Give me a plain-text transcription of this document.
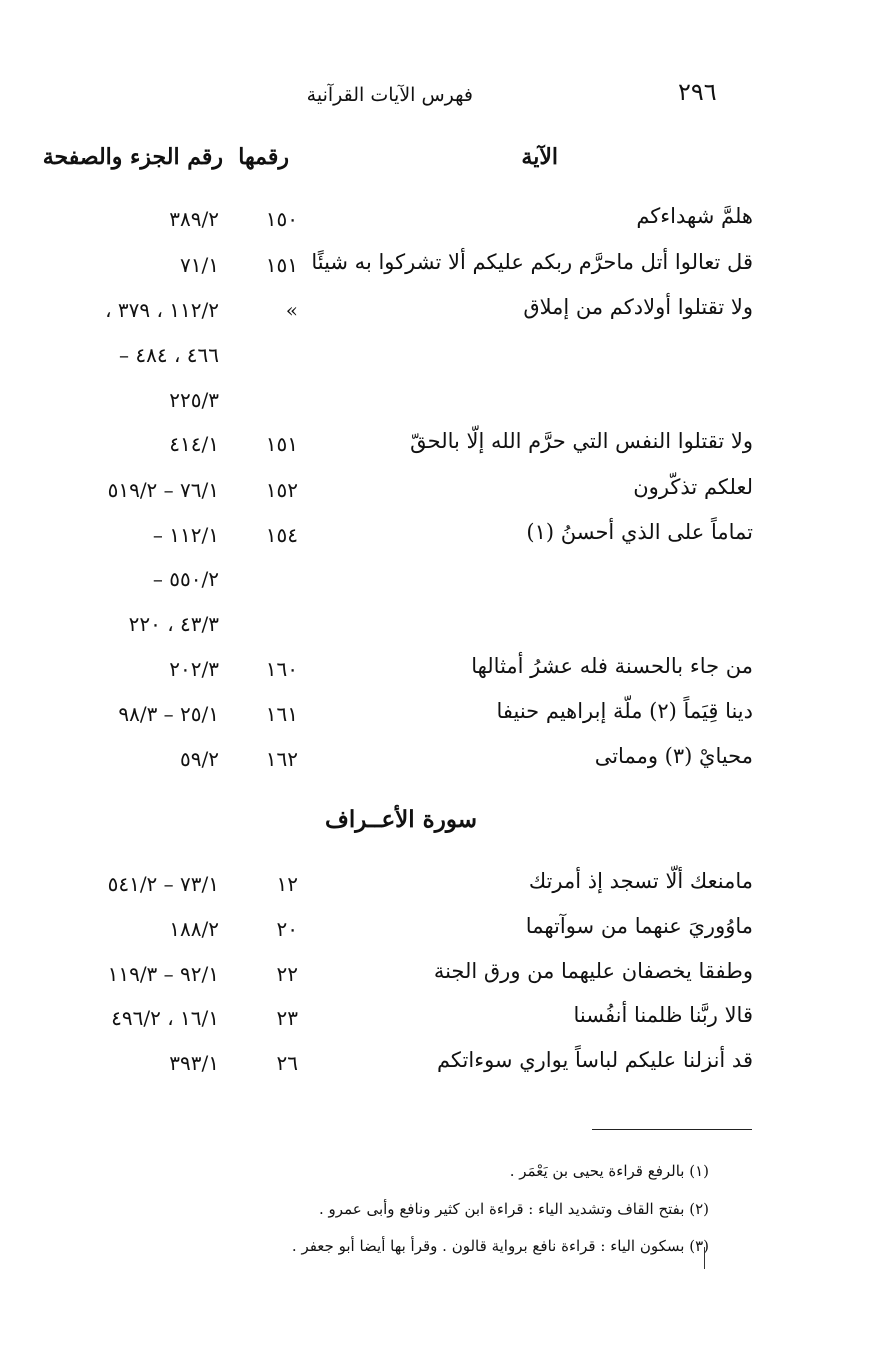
٢٩٦
فهرس الآيات القرآنية
الآية
رقمها
رقم الجزء والصفحة
هلمَّ شهداءكم
١٥٠
٣٨٩/٢
قل تعالوا أتل ماحرَّم ربكم عليكم ألا تشركوا به شيئًا
١٥١
٧١/١
ولا تقتلوا أولادكم من إملاق
»
١١٢/٢ ، ٣٧٩ ،
٤٦٦ ، ٤٨٤ –
٢٢٥/٣
ولا تقتلوا النفس التي حرَّم الله إلّا بالحقّ
١٥١
٤١٤/١
لعلكم تذكّرون
١٥٢
٧٦/١ – ٥١٩/٢
تماماً على الذي أحسنُ (١)
١٥٤
١١٢/١ –
٥٥٠/٢ –
٤٣/٣ ، ٢٢٠
من جاء بالحسنة فله عشرُ أمثالها
١٦٠
٢٠٢/٣
دينا قِيَماً (٢) ملّة إبراهيم حنيفا
١٦١
٢٥/١ – ٩٨/٣
محيايْ (٣) ومماتى
١٦٢
٥٩/٢
سورة الأعــراف
مامنعك ألّا تسجد إذ أمرتك
١٢
٧٣/١ – ٥٤١/٢
ماوُوريَ عنهما من سوآتهما
٢٠
١٨٨/٢
وطفقا يخصفان عليهما من ورق الجنة
٢٢
٩٢/١ – ١١٩/٣
قالا ربَّنا ظلمنا أنفُسنا
٢٣
١٦/١ ، ٤٩٦/٢
قد أنزلنا عليكم لباساً يواري سوءاتكم
٢٦
٣٩٣/١
(١) بالرفع قراءة يحيى بن يَعْمَر .
(٢) بفتح القاف وتشديد الياء : قراءة ابن كثير ونافع وأبى عمرو .
(٣) بسكون الياء : قراءة نافع برواية قالون . وقرأ بها أيضا أبو جعفر .
